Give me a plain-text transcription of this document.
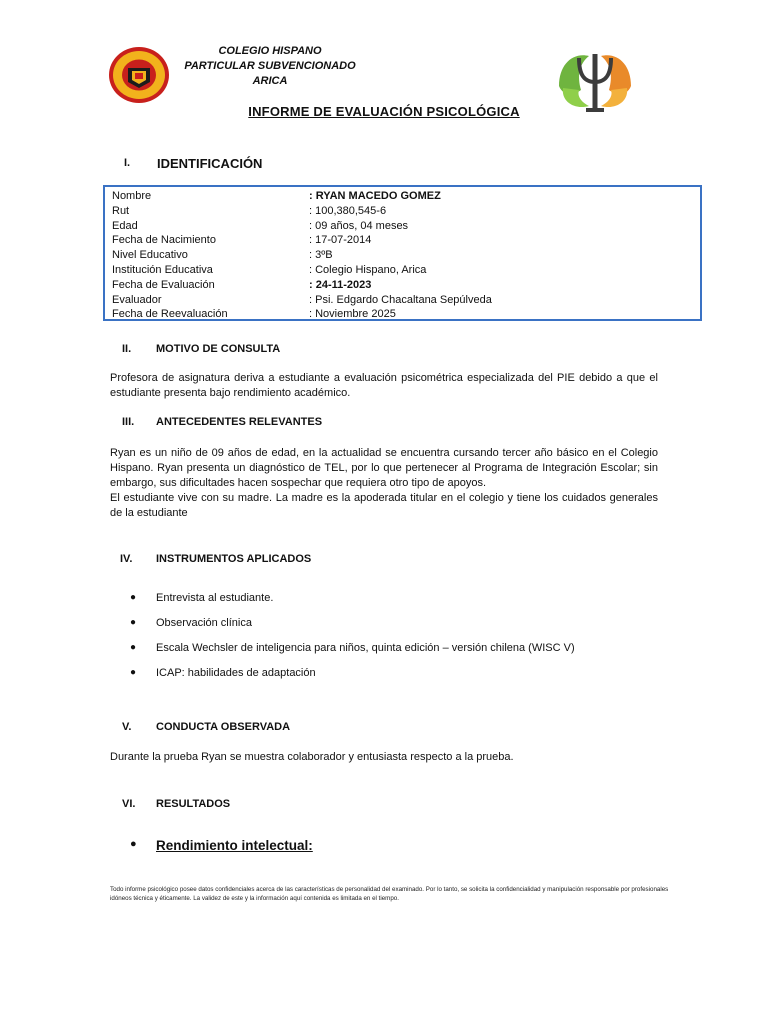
COLEGIO HISPANO
PARTICULAR SUBVENCIONADO
ARICA
INFORME DE EVALUACIÓN PSICOLÓGICA
I. IDENTIFICACIÓN
Nombre	: RYAN MACEDO GOMEZ
Rut	: 100,380,545-6
Edad	: 09 años, 04 meses
Fecha de Nacimiento	: 17-07-2014
Nivel Educativo	: 3ºB
Institución Educativa	: Colegio Hispano, Arica
Fecha de Evaluación	: 24-11-2023
Evaluador	: Psi. Edgardo Chacaltana Sepúlveda
Fecha de Reevaluación	: Noviembre 2025
II. MOTIVO DE CONSULTA

Profesora de asignatura deriva a estudiante a evaluación psicométrica especializada del PIE debido a que el estudiante presenta bajo rendimiento académico.

III. ANTECEDENTES RELEVANTES

Ryan es un niño de 09 años de edad, en la actualidad se encuentra cursando tercer año básico en el Colegio Hispano. Ryan presenta un diagnóstico de TEL, por lo que pertenecer al Programa de Integración Escolar; sin embargo, sus dificultades hacen sospechar que requiera otro tipo de apoyos.

El estudiante vive con su madre. La madre es la apoderada titular en el colegio y tiene los cuidados generales de la estudiante

IV. INSTRUMENTOS APLICADOS
● Entrevista al estudiante.
● Observación clínica
● Escala Wechsler de inteligencia para niños, quinta edición – versión chilena (WISC V)
● ICAP: habilidades de adaptación
V. CONDUCTA OBSERVADA

Durante la prueba Ryan se muestra colaborador y entusiasta respecto a la prueba.

VI. RESULTADOS
● Rendimiento intelectual:
Todo informe psicológico posee datos confidenciales acerca de las características de personalidad del examinado. Por lo tanto, se solicita la confidencialidad y manipulación responsable por profesionales idóneos técnica y éticamente. La validez de este y la información aquí contenida es limitada en el tiempo.
